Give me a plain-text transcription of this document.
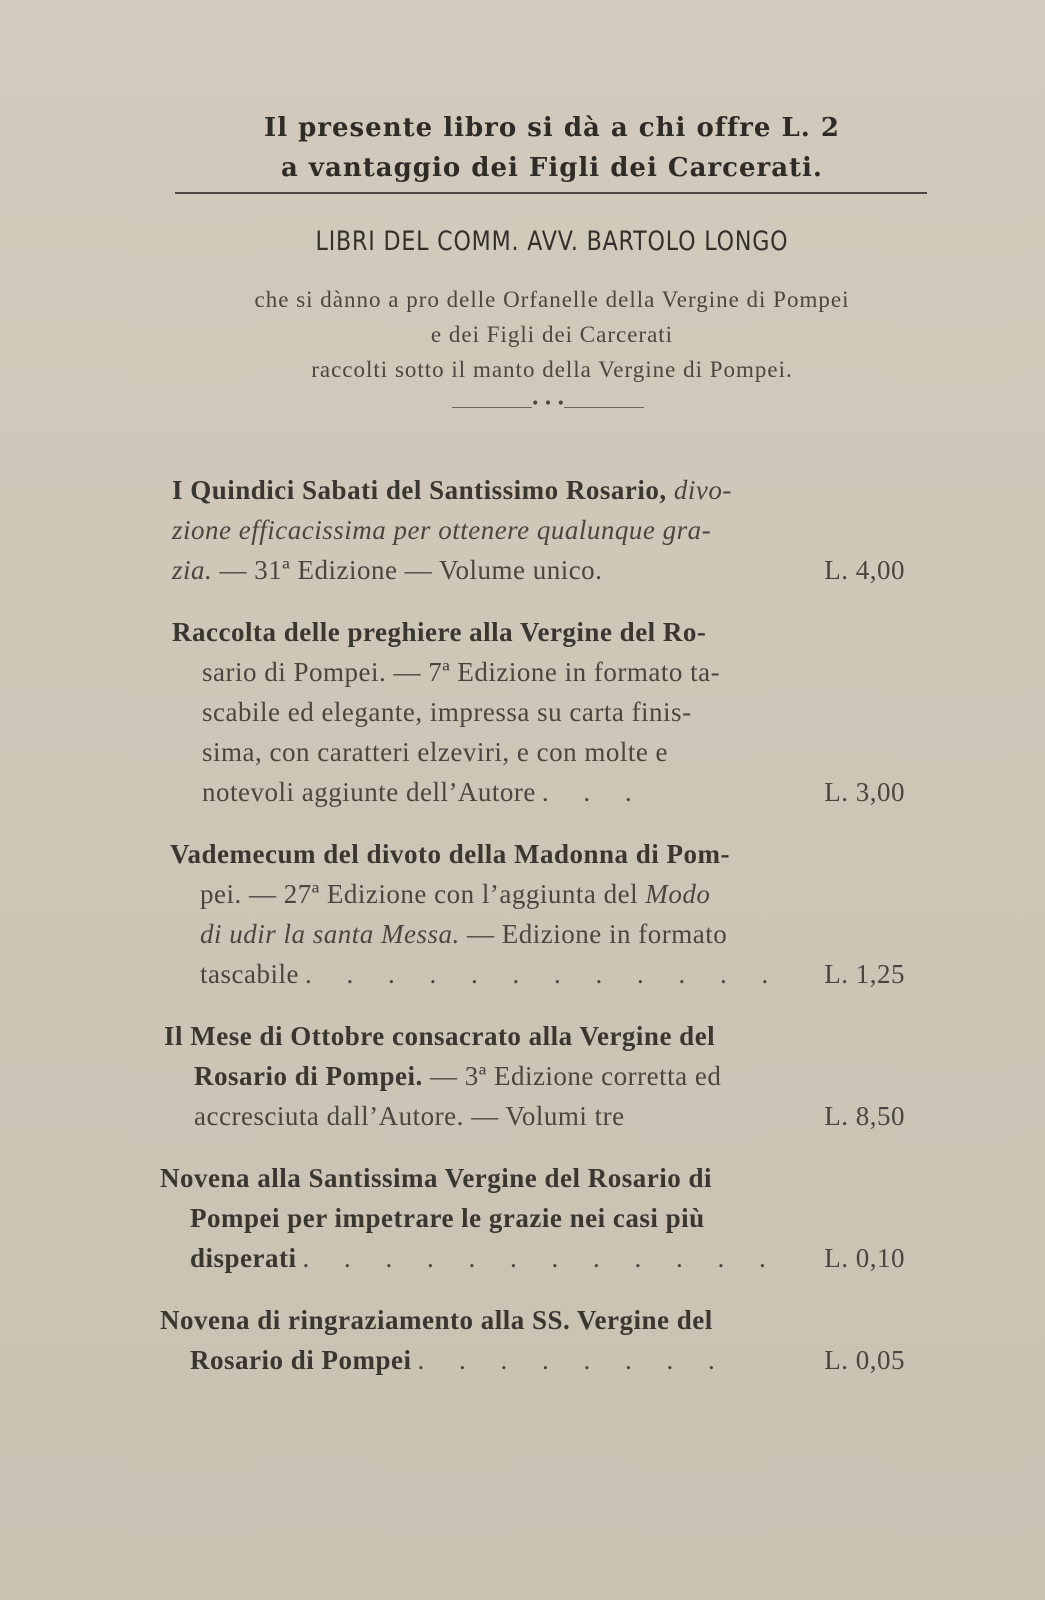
Il presente libro si dà a chi offre L. 2
a vantaggio dei Figli dei Carcerati.
LIBRI DEL COMM. AVV. BARTOLO LONGO
che si dànno a pro delle Orfanelle della Vergine di Pompei
e dei Figli dei Carcerati
raccolti sotto il manto della Vergine di Pompei.
• • •
I Quindici Sabati del Santissimo Rosario, divo-
zione efficacissima per ottenere qualunque gra-
zia. — 31ª Edizione — Volume unico.	L. 4,00
Raccolta delle preghiere alla Vergine del Ro-
sario di Pompei. — 7ª Edizione in formato ta-
scabile ed elegante, impressa su carta finis-
sima, con caratteri elzeviri, e con molte e
notevoli aggiunte dell’Autore . . .	L. 3,00
Vademecum del divoto della Madonna di Pom-
pei. — 27ª Edizione con l’aggiunta del Modo
di udir la santa Messa. — Edizione in formato
tascabile . . . . . . . . . . . .	L. 1,25
Il Mese di Ottobre consacrato alla Vergine del
Rosario di Pompei. — 3ª Edizione corretta ed
accresciuta dall’Autore. — Volumi tre	L. 8,50
Novena alla Santissima Vergine del Rosario di
Pompei per impetrare le grazie nei casi più
disperati . . . . . . . . . . . .	L. 0,10
Novena di ringraziamento alla SS. Vergine del
Rosario di Pompei . . . . . . . .	L. 0,05
